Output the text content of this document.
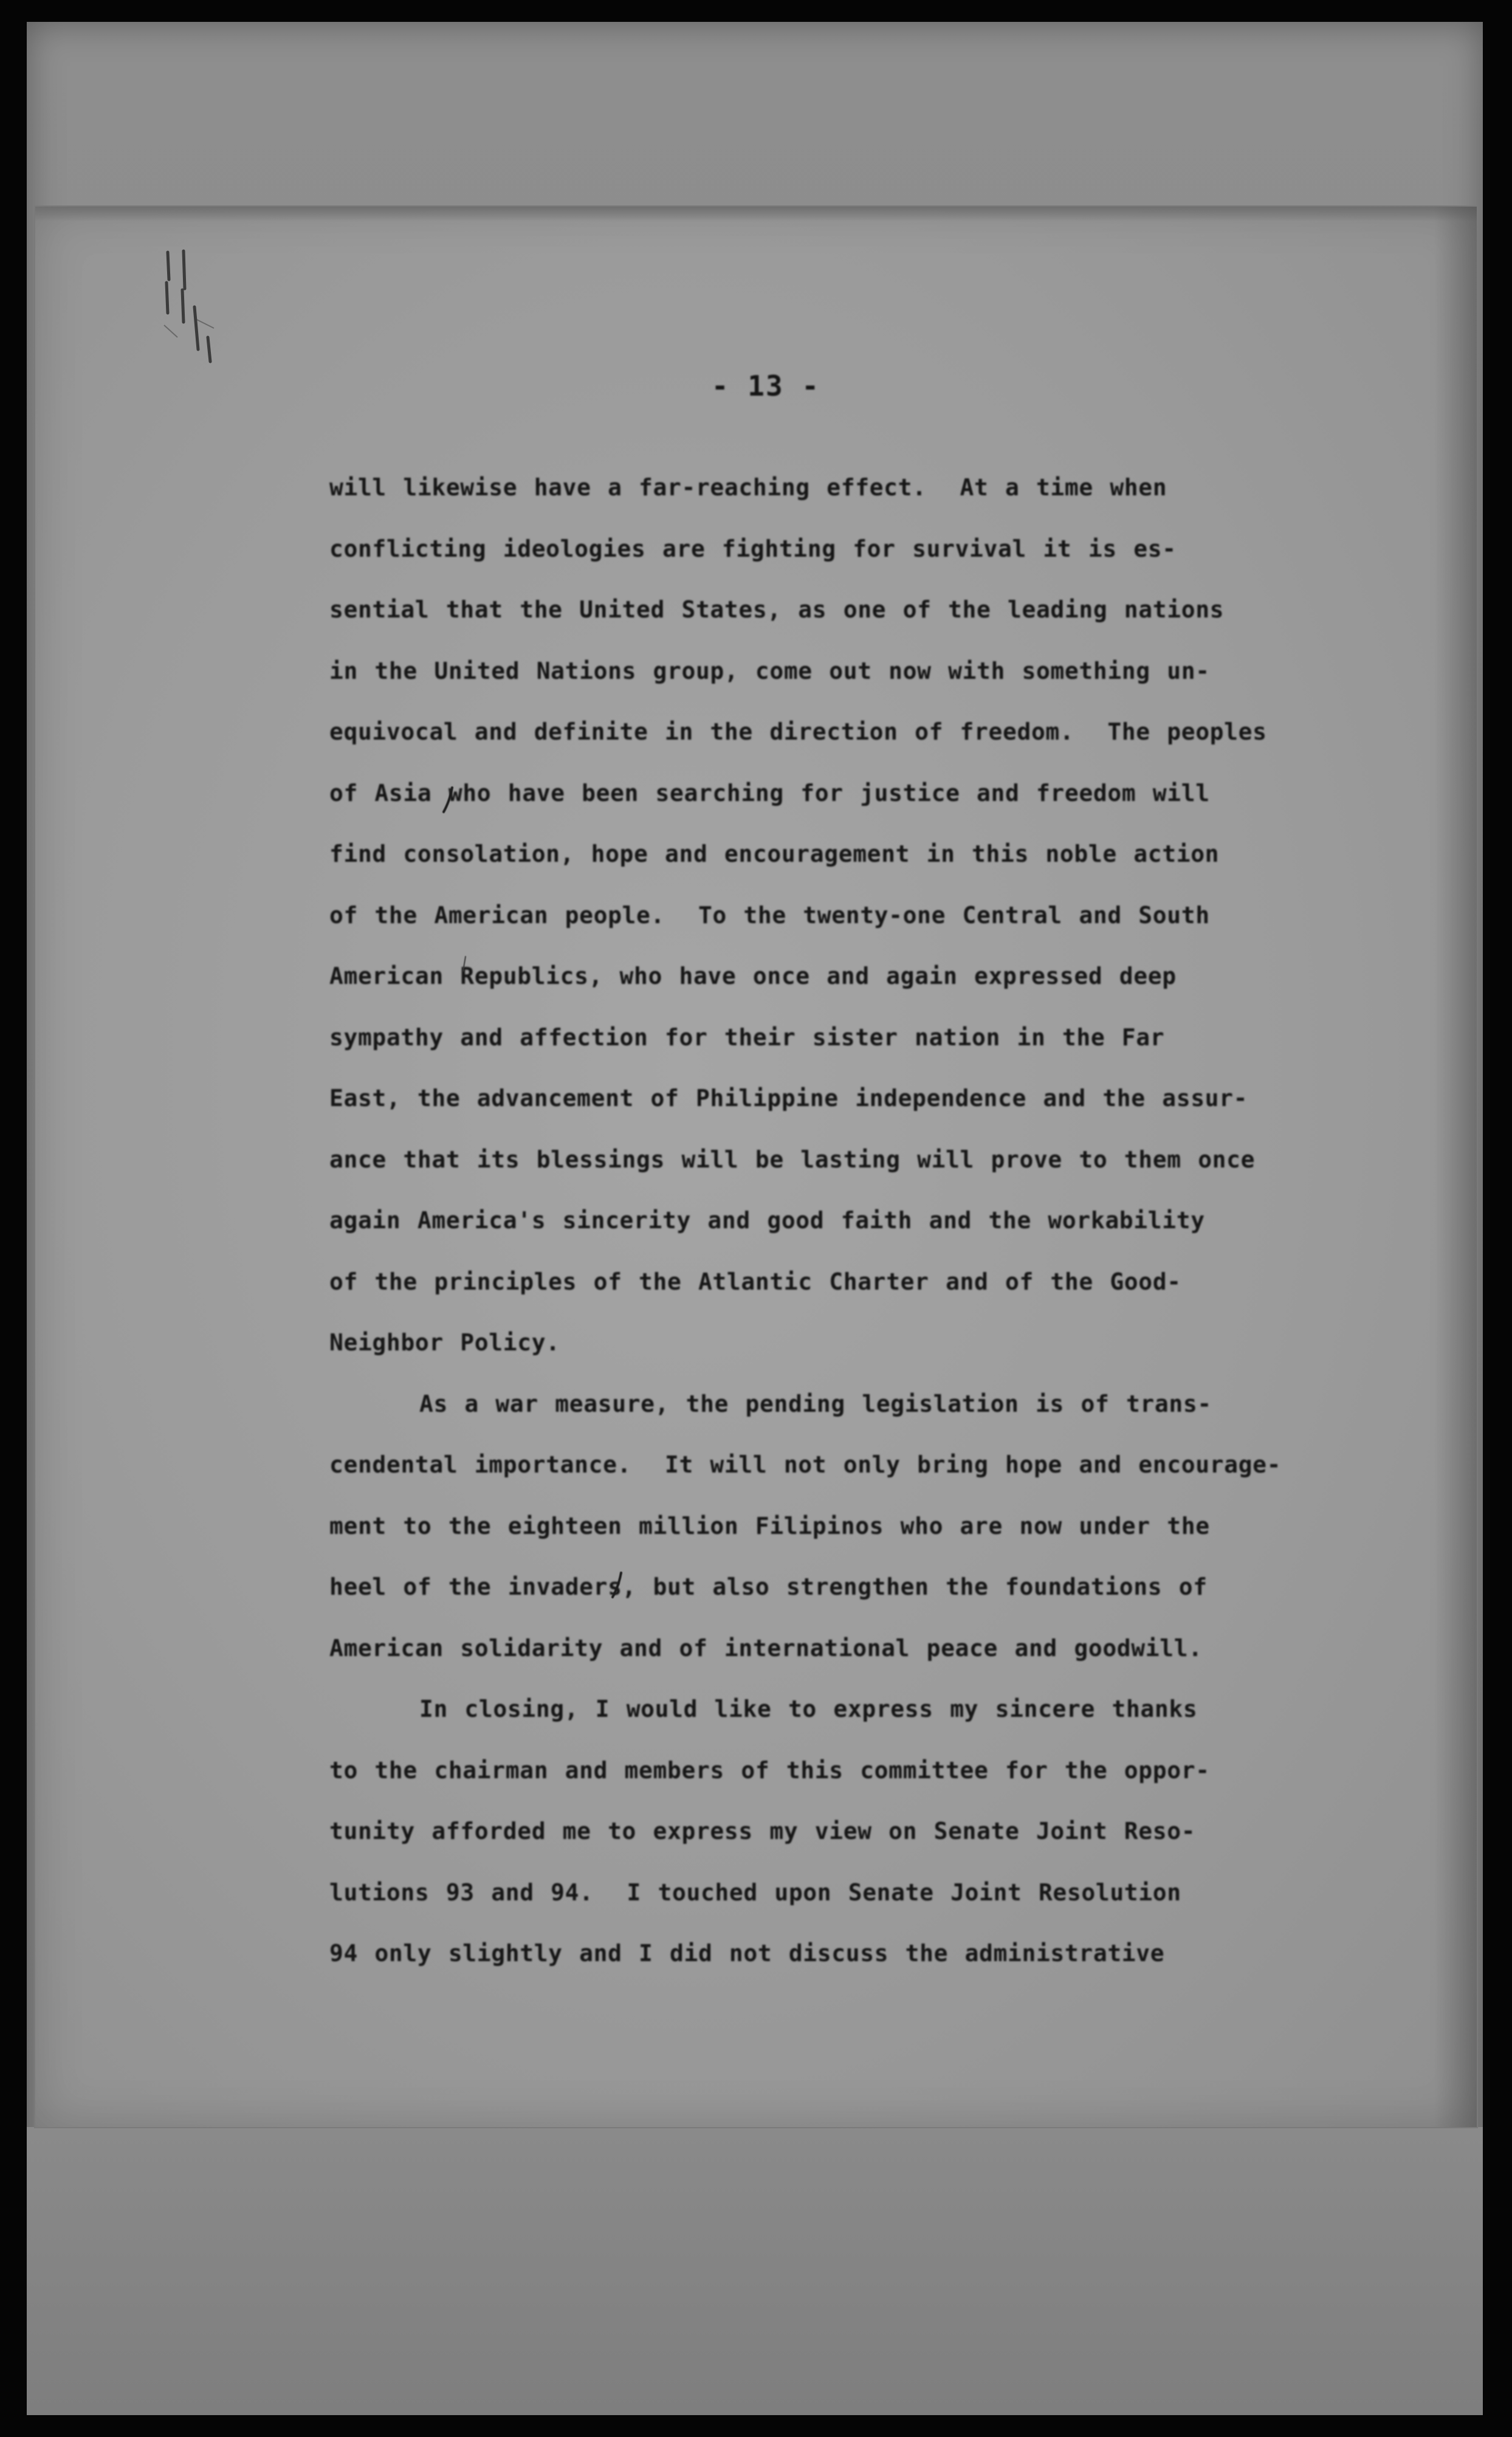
- 13 -
will likewise have a far-reaching effect.  At a time when
conflicting ideologies are fighting for survival it is es-
sential that the United States, as one of the leading nations
in the United Nations group, come out now with something un-
equivocal and definite in the direction of freedom.  The peoples
of Asia who have been searching for justice and freedom will
find consolation, hope and encouragement in this noble action
of the American people.  To the twenty-one Central and South
American Republics, who have once and again expressed deep
sympathy and affection for their sister nation in the Far
East, the advancement of Philippine independence and the assur-
ance that its blessings will be lasting will prove to them once
again America's sincerity and good faith and the workability
of the principles of the Atlantic Charter and of the Good-
Neighbor Policy.
As a war measure, the pending legislation is of trans-
cendental importance.  It will not only bring hope and encourage-
ment to the eighteen million Filipinos who are now under the
heel of the invaders, but also strengthen the foundations of
American solidarity and of international peace and goodwill.
In closing, I would like to express my sincere thanks
to the chairman and members of this committee for the oppor-
tunity afforded me to express my view on Senate Joint Reso-
lutions 93 and 94.  I touched upon Senate Joint Resolution
94 only slightly and I did not discuss the administrative
